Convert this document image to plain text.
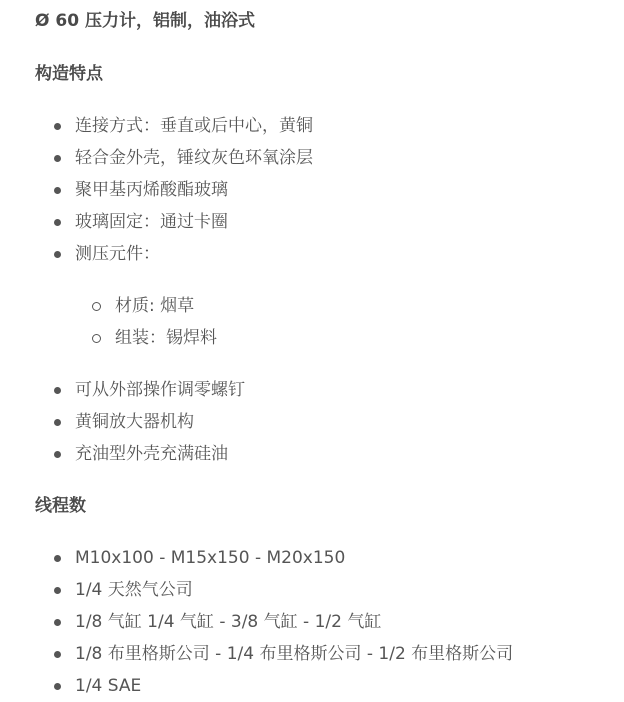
Ø 60 压力计，铝制，油浴式
构造特点
连接方式：垂直或后中心，黄铜
轻合金外壳，锤纹灰色环氧涂层
聚甲基丙烯酸酯玻璃
玻璃固定：通过卡圈
测压元件：
材质: 烟草
组装：锡焊料
可从外部操作调零螺钉
黄铜放大器机构
充油型外壳充满硅油
线程数
M10x100 - M15x150 - M20x150
1/4 天然气公司
1/8 气缸 1/4 气缸 - 3/8 气缸 - 1/2 气缸
1/8 布里格斯公司 - 1/4 布里格斯公司 - 1/2 布里格斯公司
1/4 SAE
